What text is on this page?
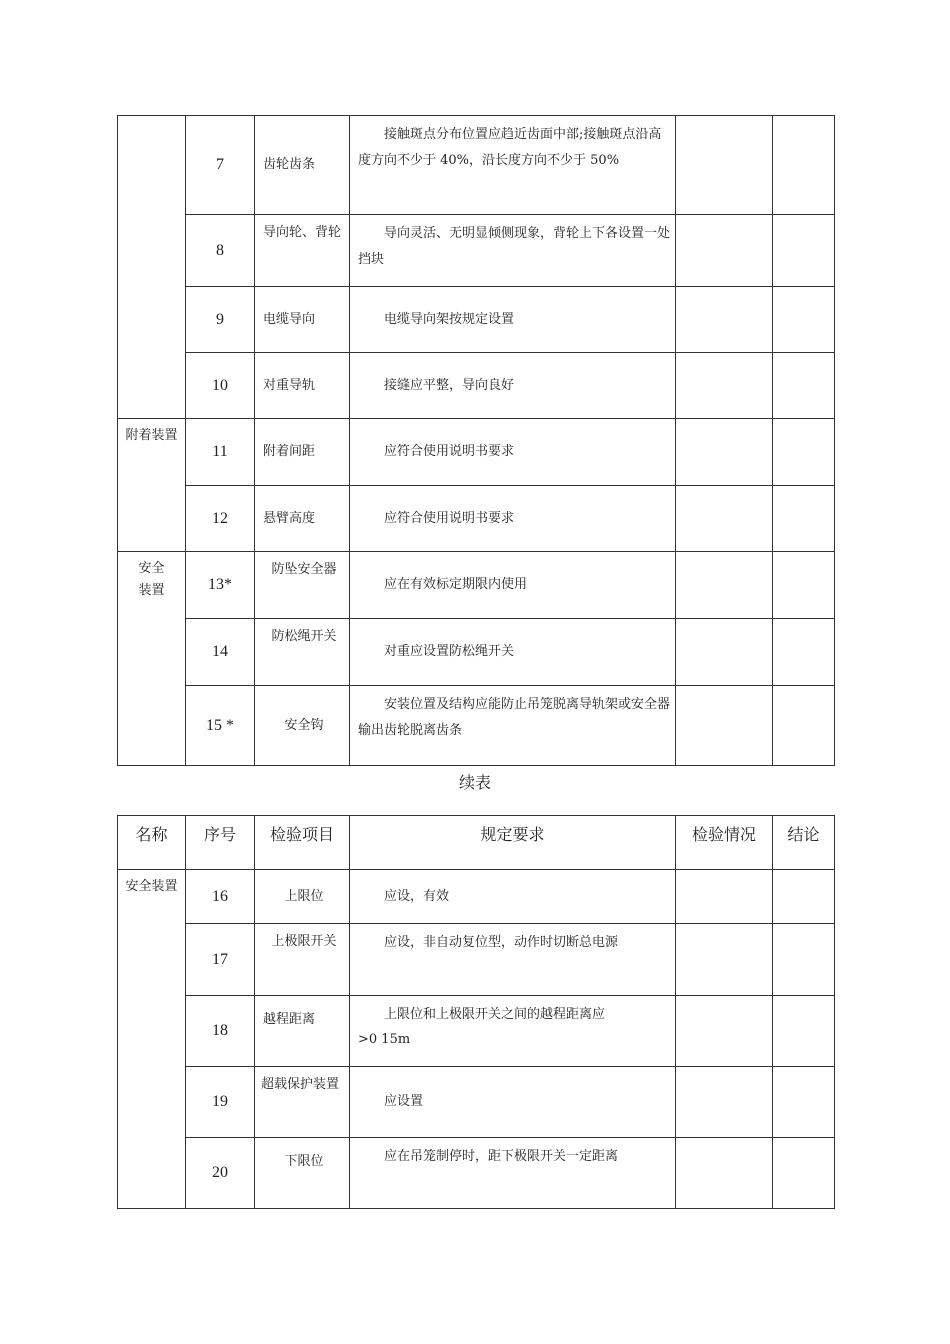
	7	齿轮齿条	接触斑点分布位置应趋近齿面中部;接触斑点沿高度方向不少于 40%，沿长度方向不少于 50%		
	8	导向轮、背轮	导向灵活、无明显倾侧现象，背轮上下各设置一处挡块		
	9	电缆导向	电缆导向架按规定设置		
	10	对重导轨	接缝应平整，导向良好		
附着装置	11	附着间距	应符合使用说明书要求		
	12	悬臂高度	应符合使用说明书要求		

安全装置	13*	防坠安全器	应在有效标定期限内使用		
	14	防松绳开关	对重应设置防松绳开关		
	15 *	安全钩	安装位置及结构应能防止吊笼脱离导轨架或安全器输出齿轮脱离齿条		
续表
名称	序号	检验项目	规定要求	检验情况	结论
安全装置	16	上限位	应设，有效		
	17	上极限开关	应设，非自动复位型，动作时切断总电源		
	18	越程距离	上限位和上极限开关之间的越程距离应
>0 15m		

	19	超载保护装置	应设置		
	20	下限位	应在吊笼制停时，距下极限开关一定距离		
